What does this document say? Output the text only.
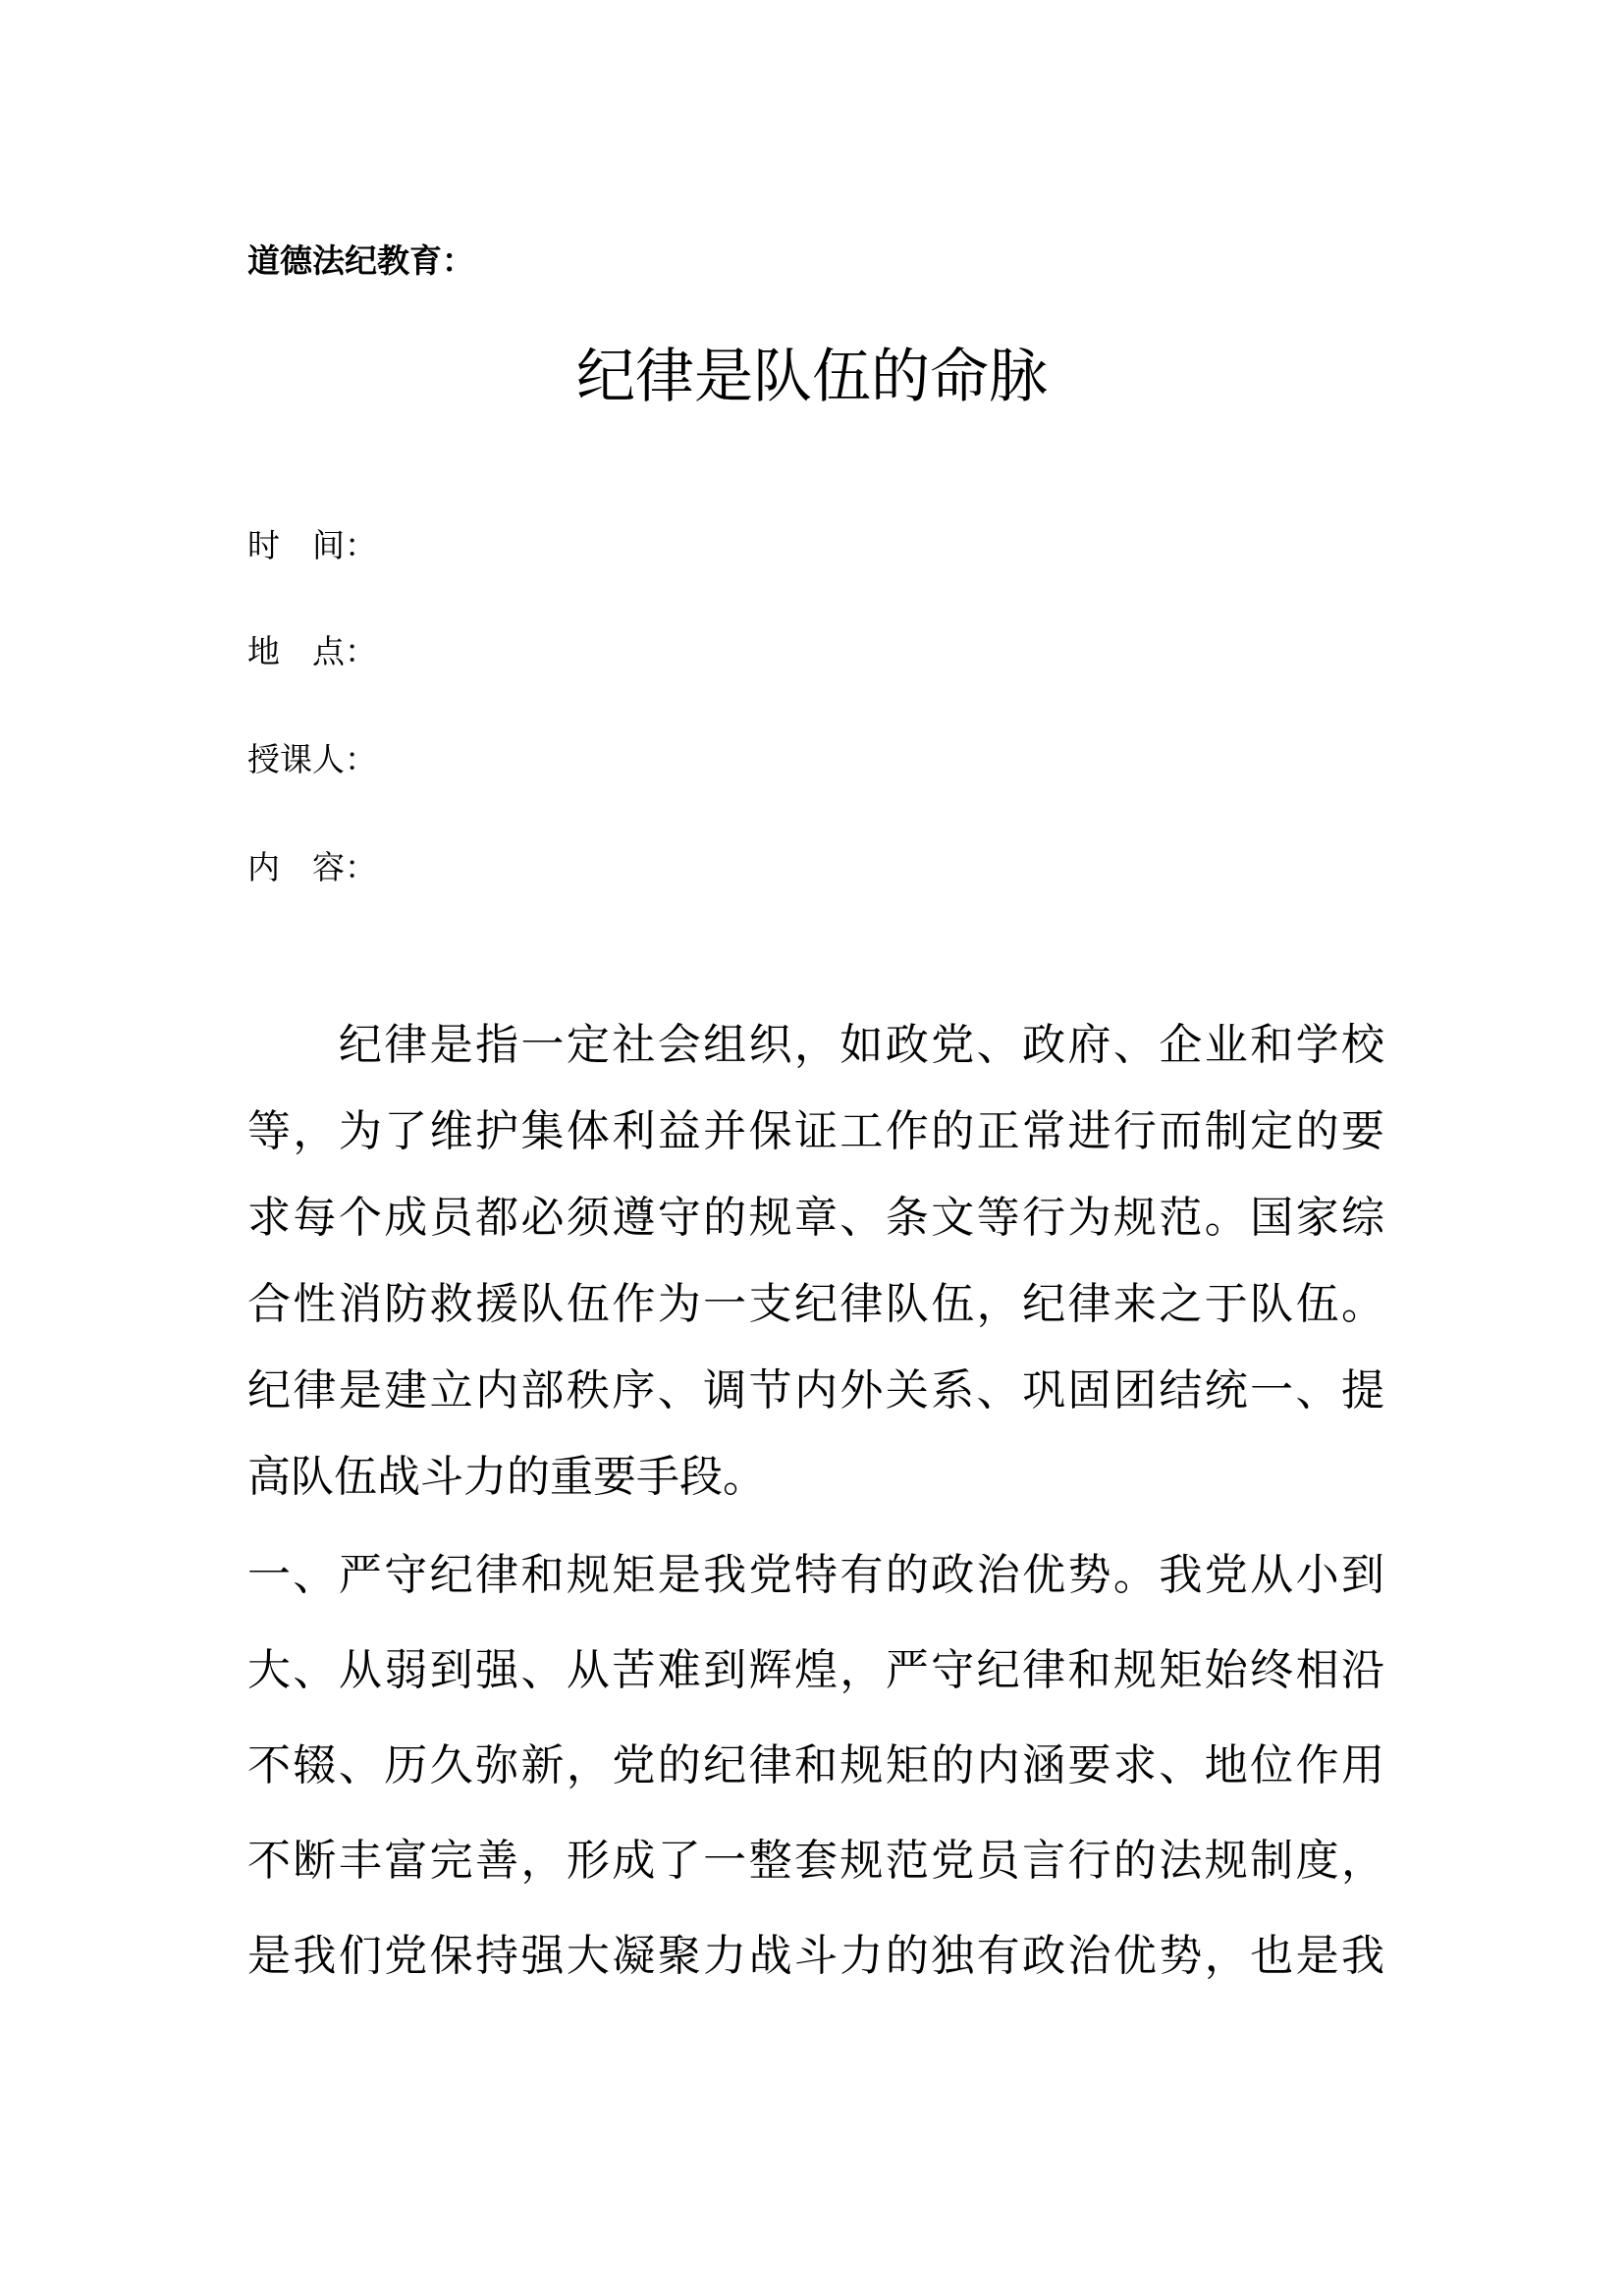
道德法纪教育：
纪律是队伍的命脉
时　间：
地　点：
授课人：
内　容：
　　纪律是指一定社会组织，如政党、政府、企业和学校
等，为了维护集体利益并保证工作的正常进行而制定的要
求每个成员都必须遵守的规章、条文等行为规范。国家综
合性消防救援队伍作为一支纪律队伍，纪律来之于队伍。
纪律是建立内部秩序、调节内外关系、巩固团结统一、提
高队伍战斗力的重要手段。
一、严守纪律和规矩是我党特有的政治优势。我党从小到
大、从弱到强、从苦难到辉煌，严守纪律和规矩始终相沿
不辍、历久弥新，党的纪律和规矩的内涵要求、地位作用
不断丰富完善，形成了一整套规范党员言行的法规制度，
是我们党保持强大凝聚力战斗力的独有政治优势，也是我
